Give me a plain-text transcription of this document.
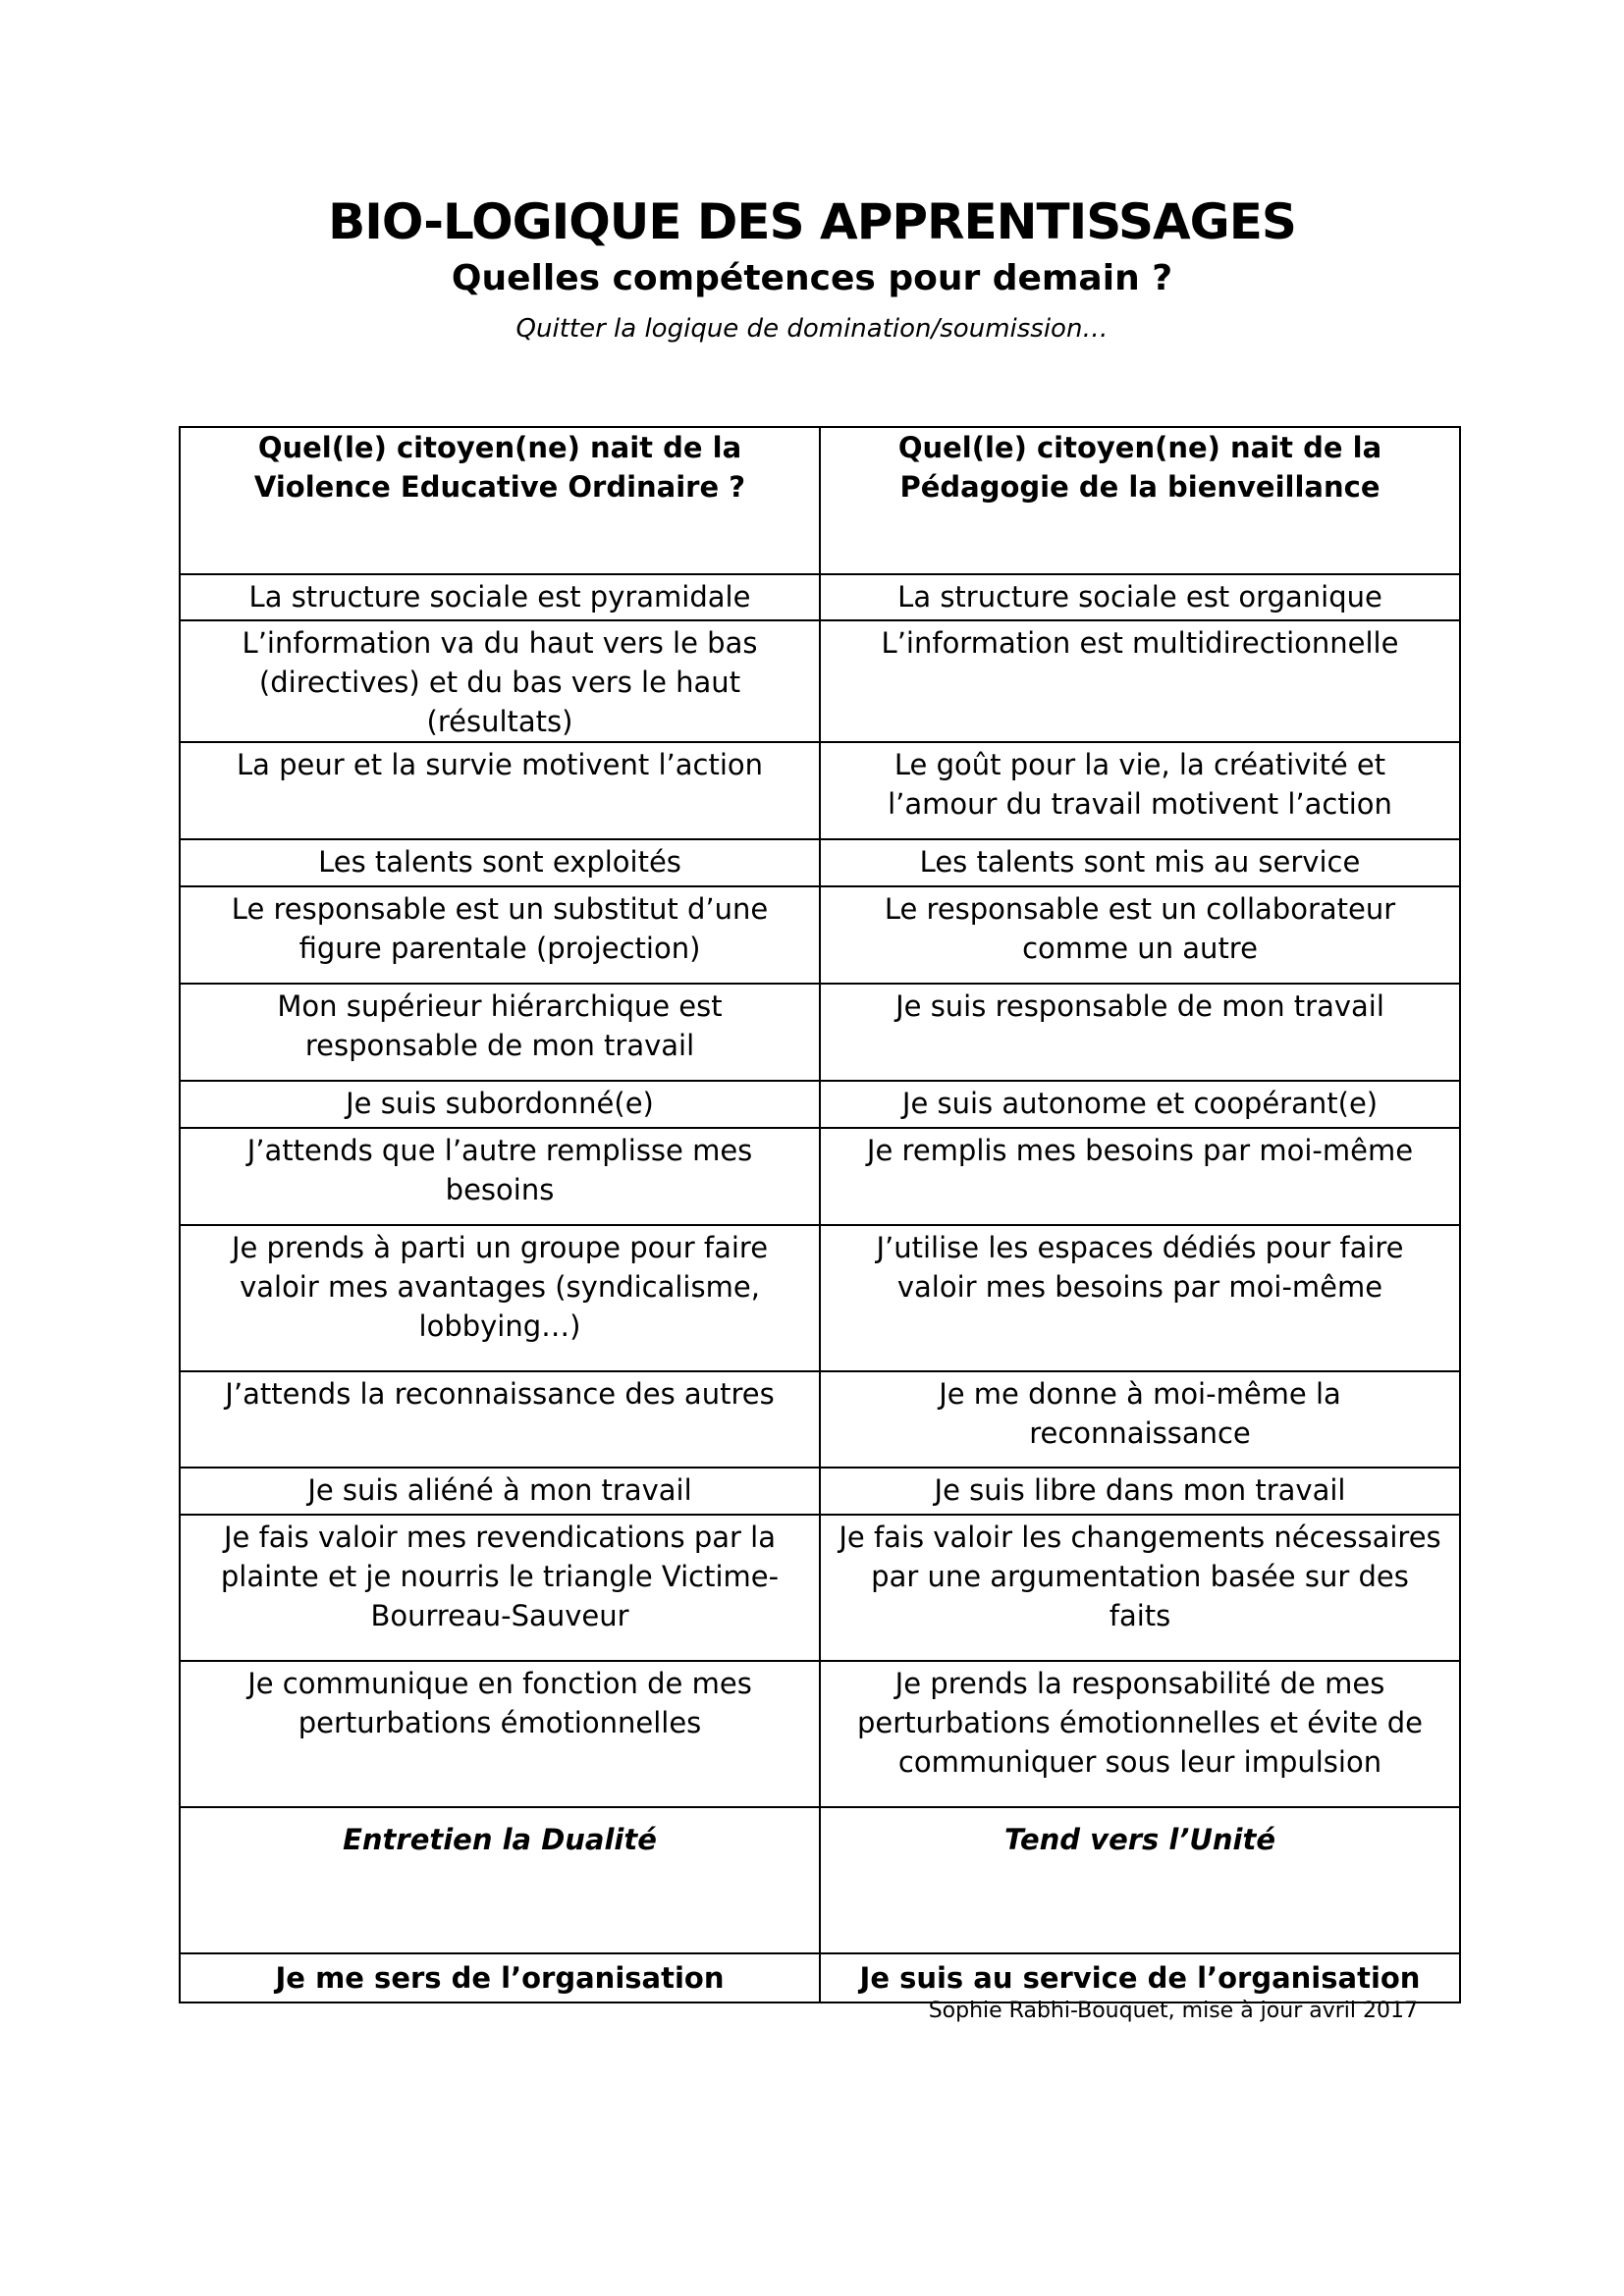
BIO-LOGIQUE DES APPRENTISSAGES
Quelles compétences pour demain ?
Quitter la logique de domination/soumission…
Quel(le) citoyen(ne) nait de la Violence Educative Ordinaire ?	Quel(le) citoyen(ne) nait de la Pédagogie de la bienveillance
La structure sociale est pyramidale	La structure sociale est organique
L’information va du haut vers le bas (directives) et du bas vers le haut (résultats)	L’information est multidirectionnelle
La peur et la survie motivent l’action	Le goût pour la vie, la créativité et l’amour du travail motivent l’action
Les talents sont exploités	Les talents sont mis au service
Le responsable est un substitut d’une figure parentale (projection)	Le responsable est un collaborateur comme un autre
Mon supérieur hiérarchique est responsable de mon travail	Je suis responsable de mon travail
Je suis subordonné(e)	Je suis autonome et coopérant(e)
J’attends que l’autre remplisse mes besoins	Je remplis mes besoins par moi-même
Je prends à parti un groupe pour faire valoir mes avantages (syndicalisme, lobbying…)	J’utilise les espaces dédiés pour faire valoir mes besoins par moi-même
J’attends la reconnaissance des autres	Je me donne à moi-même la reconnaissance
Je suis aliéné à mon travail	Je suis libre dans mon travail
Je fais valoir mes revendications par la plainte et je nourris le triangle Victime-Bourreau-Sauveur	Je fais valoir les changements nécessaires par une argumentation basée sur des faits
Je communique en fonction de mes perturbations émotionnelles	Je prends la responsabilité de mes perturbations émotionnelles et évite de communiquer sous leur impulsion
Entretien la Dualité	Tend vers l’Unité
Je me sers de l’organisation	Je suis au service de l’organisation
Sophie Rabhi-Bouquet, mise à jour avril 2017
